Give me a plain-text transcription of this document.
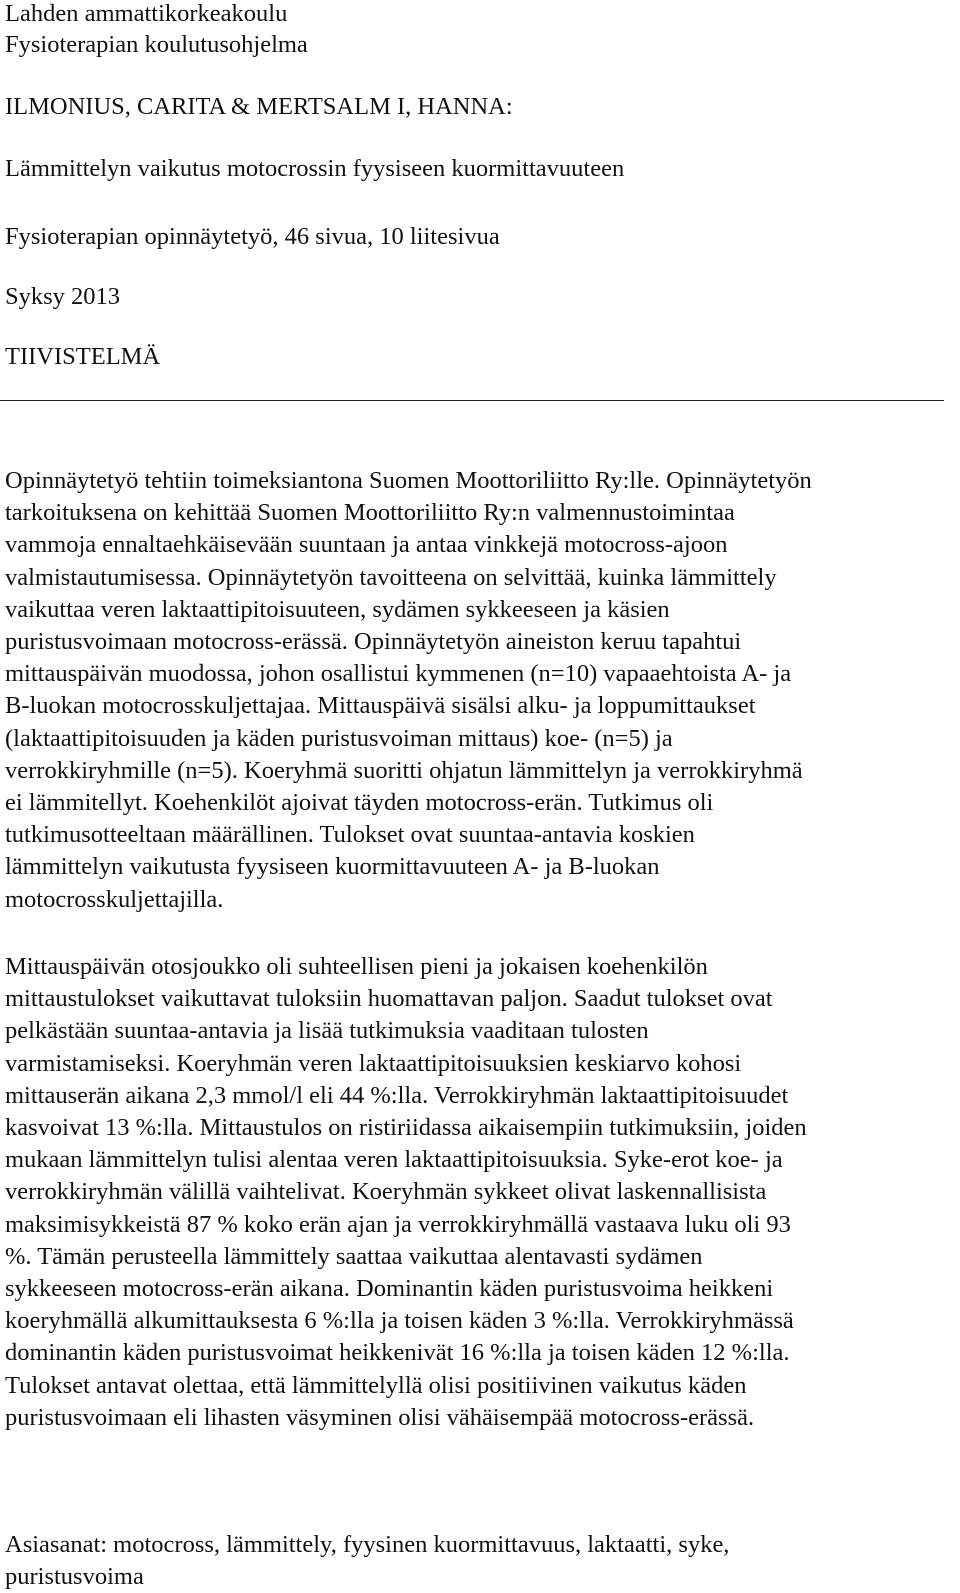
Lahden ammattikorkeakoulu

Fysioterapian koulutusohjelma

ILMONIUS, CARITA & MERTSALM I, HANNA:

Lämmittelyn vaikutus motocrossin fyysiseen kuormittavuuteen

Fysioterapian opinnäytetyö, 46 sivua, 10 liitesivua

Syksy 2013

TIIVISTELMÄ

Opinnäytetyö tehtiin toimeksiantona Suomen Moottoriliitto Ry:lle. Opinnäytetyön
tarkoituksena on kehittää Suomen Moottoriliitto Ry:n valmennustoimintaa
vammoja ennaltaehkäisevään suuntaan ja antaa vinkkejä motocross-ajoon
valmistautumisessa. Opinnäytetyön tavoitteena on selvittää, kuinka lämmittely
vaikuttaa veren laktaattipitoisuuteen, sydämen sykkeeseen ja käsien
puristusvoimaan motocross-erässä. Opinnäytetyön aineiston keruu tapahtui
mittauspäivän muodossa, johon osallistui kymmenen (n=10) vapaaehtoista A- ja
B-luokan motocrosskuljettajaa. Mittauspäivä sisälsi alku- ja loppumittaukset
(laktaattipitoisuuden ja käden puristusvoiman mittaus) koe- (n=5) ja
verrokkiryhmille (n=5). Koeryhmä suoritti ohjatun lämmittelyn ja verrokkiryhmä
ei lämmitellyt. Koehenkilöt ajoivat täyden motocross-erän. Tutkimus oli
tutkimusotteeltaan määrällinen. Tulokset ovat suuntaa-antavia koskien
lämmittelyn vaikutusta fyysiseen kuormittavuuteen A- ja B-luokan
motocrosskuljettajilla.
Mittauspäivän otosjoukko oli suhteellisen pieni ja jokaisen koehenkilön
mittaustulokset vaikuttavat tuloksiin huomattavan paljon. Saadut tulokset ovat
pelkästään suuntaa-antavia ja lisää tutkimuksia vaaditaan tulosten
varmistamiseksi. Koeryhmän veren laktaattipitoisuuksien keskiarvo kohosi
mittauserän aikana 2,3 mmol/l eli 44 %:lla. Verrokkiryhmän laktaattipitoisuudet
kasvoivat 13 %:lla. Mittaustulos on ristiriidassa aikaisempiin tutkimuksiin, joiden
mukaan lämmittelyn tulisi alentaa veren laktaattipitoisuuksia. Syke-erot koe- ja
verrokkiryhmän välillä vaihtelivat. Koeryhmän sykkeet olivat laskennallisista
maksimisykkeistä 87 % koko erän ajan ja verrokkiryhmällä vastaava luku oli 93
%. Tämän perusteella lämmittely saattaa vaikuttaa alentavasti sydämen
sykkeeseen motocross-erän aikana. Dominantin käden puristusvoima heikkeni
koeryhmällä alkumittauksesta 6 %:lla ja toisen käden 3 %:lla. Verrokkiryhmässä
dominantin käden puristusvoimat heikkenivät 16 %:lla ja toisen käden 12 %:lla.
Tulokset antavat olettaa, että lämmittelyllä olisi positiivinen vaikutus käden
puristusvoimaan eli lihasten väsyminen olisi vähäisempää motocross-erässä.
Asiasanat: motocross, lämmittely, fyysinen kuormittavuus, laktaatti, syke,
puristusvoima
